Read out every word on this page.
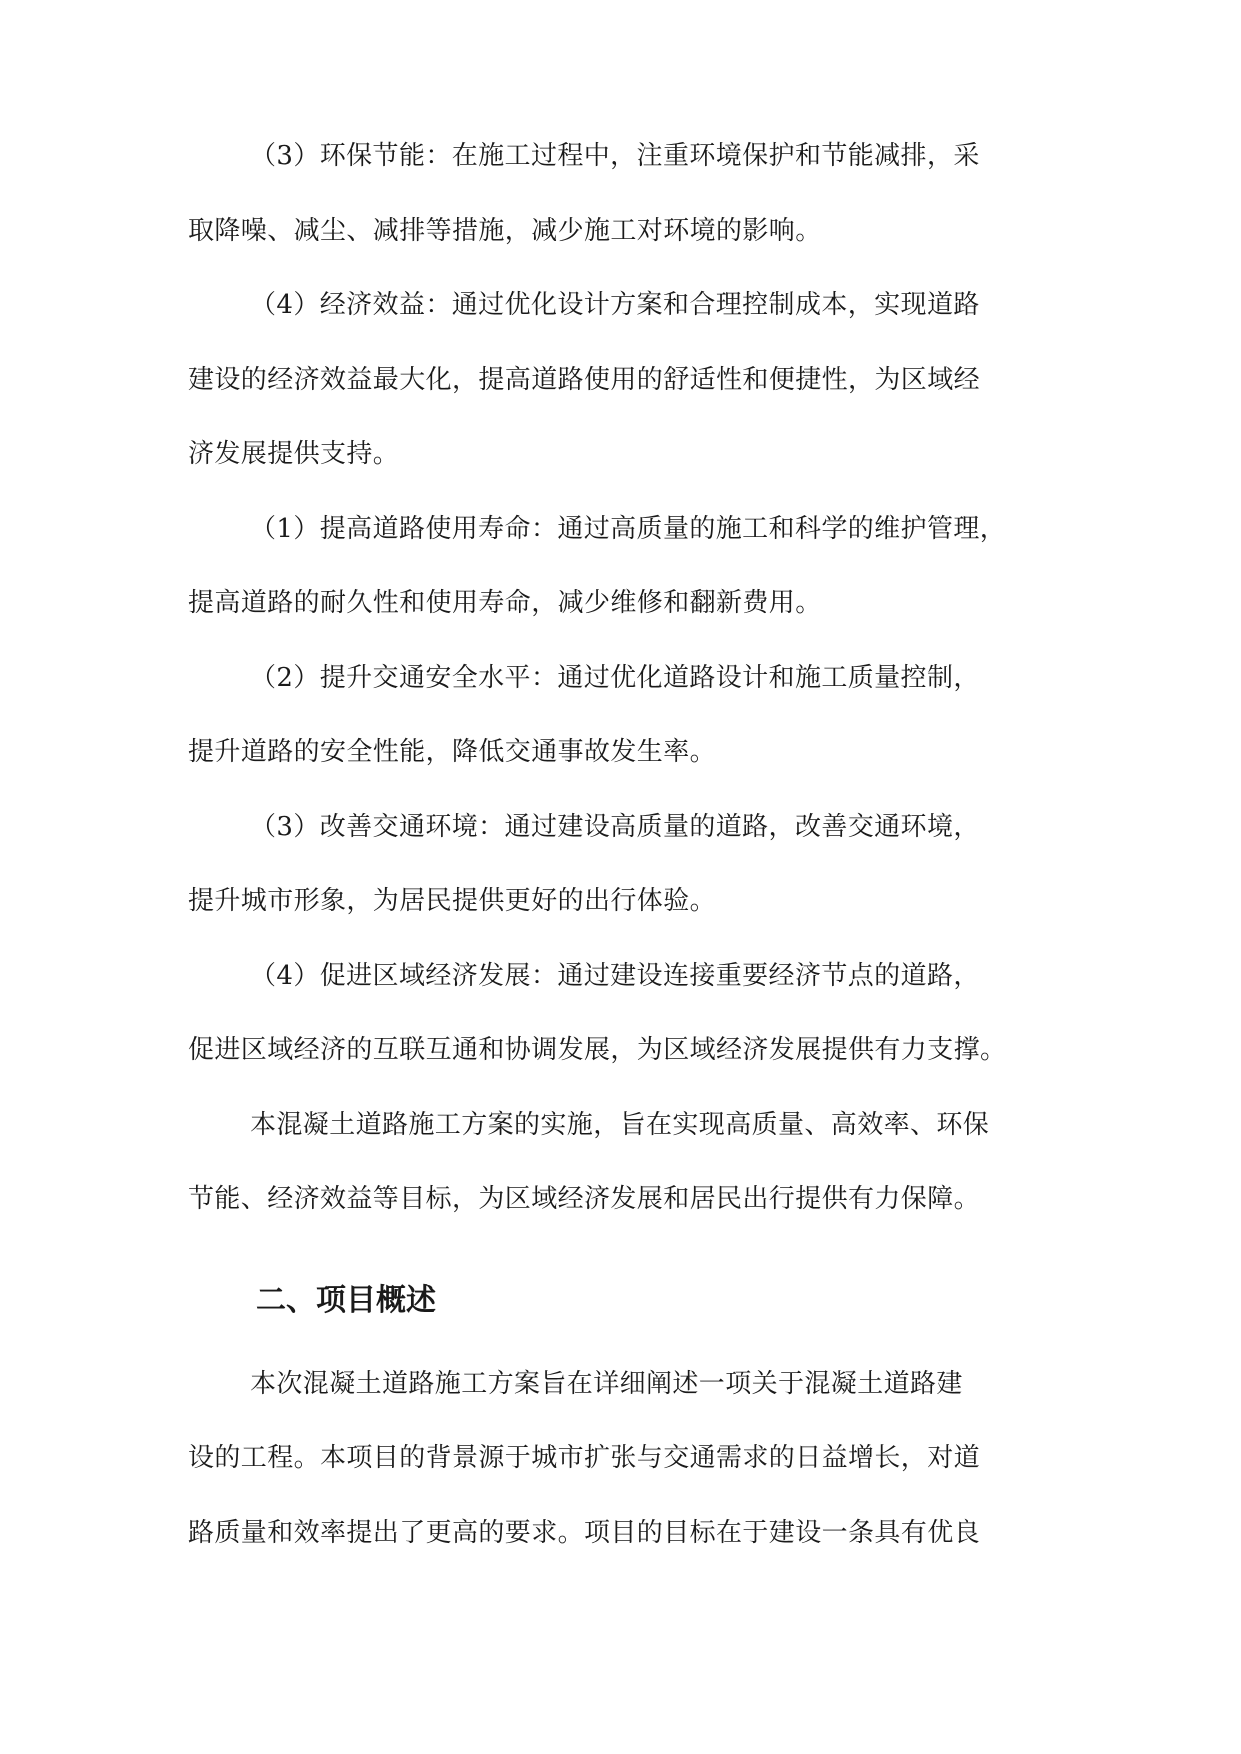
（3）环保节能：在施工过程中，注重环境保护和节能减排，采
取降噪、减尘、减排等措施，减少施工对环境的影响。
（4）经济效益：通过优化设计方案和合理控制成本，实现道路
建设的经济效益最大化，提高道路使用的舒适性和便捷性，为区域经
济发展提供支持。
（1）提高道路使用寿命：通过高质量的施工和科学的维护管理，
提高道路的耐久性和使用寿命，减少维修和翻新费用。
（2）提升交通安全水平：通过优化道路设计和施工质量控制，
提升道路的安全性能，降低交通事故发生率。
（3）改善交通环境：通过建设高质量的道路，改善交通环境，
提升城市形象，为居民提供更好的出行体验。
（4）促进区域经济发展：通过建设连接重要经济节点的道路，
促进区域经济的互联互通和协调发展，为区域经济发展提供有力支撑。
本混凝土道路施工方案的实施，旨在实现高质量、高效率、环保
节能、经济效益等目标，为区域经济发展和居民出行提供有力保障。
二、项目概述
本次混凝土道路施工方案旨在详细阐述一项关于混凝土道路建
设的工程。本项目的背景源于城市扩张与交通需求的日益增长，对道
路质量和效率提出了更高的要求。项目的目标在于建设一条具有优良
